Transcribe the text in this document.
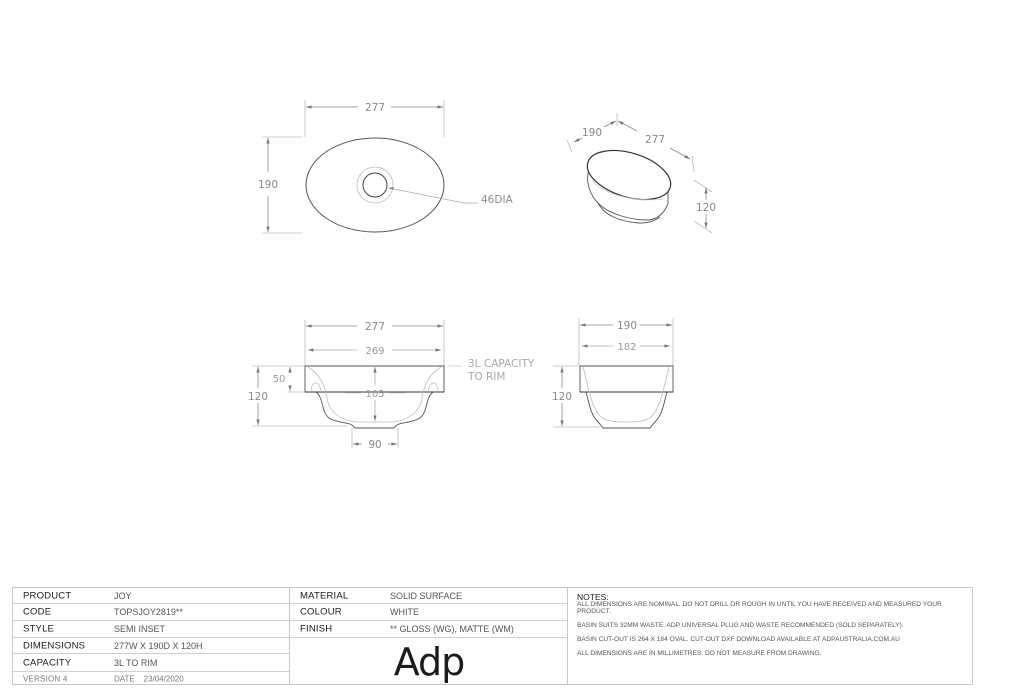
277
190
46DIA
190
277
120
277
269
3L CAPACITY
TO RIM
50
120	105
90
190
182
120
PRODUCT	JOY
CODE	TOPSJOY2819**
STYLE	SEMI INSET
DIMENSIONS	277W X 190D X 120H
CAPACITY	3L TO RIM
VERSION 4	DATE 23/04/2020
MATERIAL	SOLID SURFACE
COLOUR	WHITE
FINISH	** GLOSS (WG), MATTE (WM)
Adp
NOTES:
ALL DIMENSIONS ARE NOMINAL. DO NOT DRILL OR ROUGH IN UNTIL YOU HAVE RECEIVED AND MEASURED YOUR PRODUCT.
BASIN SUITS 32MM WASTE. ADP UNIVERSAL PLUG AND WASTE RECOMMENDED (SOLD SEPARATELY).
BASIN CUT-OUT IS 264 X 184 OVAL. CUT-OUT DXF DOWNLOAD AVAILABLE AT ADPAUSTRALIA.COM.AU
ALL DIMENSIONS ARE IN MILLIMETRES. DO NOT MEASURE FROM DRAWING.
